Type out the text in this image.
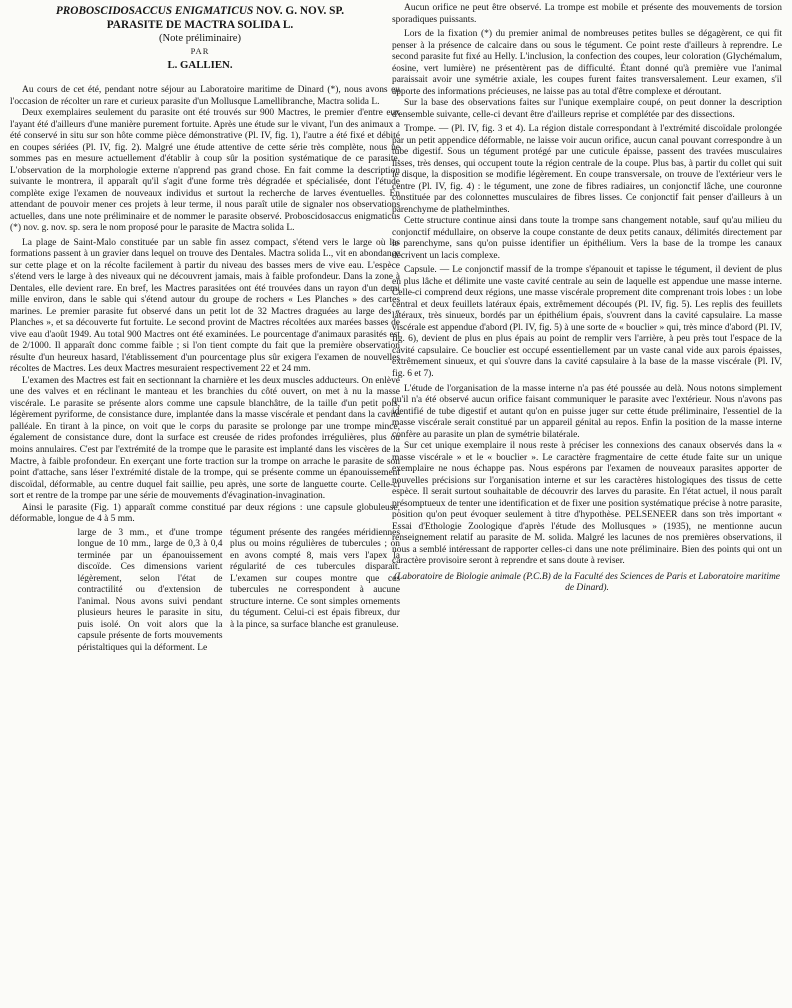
PROBOSCIDOSACCUS ENIGMATICUS NOV. G. NOV. SP.
PARASITE DE MACTRA SOLIDA L.
(Note préliminaire)
PAR
L. GALLIEN.

Au cours de cet été, pendant notre séjour au Laboratoire maritime de Dinard (*), nous avons eu l'occasion de récolter un rare et curieux parasite d'un Mollusque Lamellibranche, Mactra solida L.

Deux exemplaires seulement du parasite ont été trouvés sur 900 Mactres, le premier d'entre eux l'ayant été d'ailleurs d'une manière purement fortuite. Après une étude sur le vivant, l'un des animaux a été conservé in situ sur son hôte comme pièce démonstrative (Pl. IV, fig. 1), l'autre a été fixé et débité en coupes sériées (Pl. IV, fig. 2). Malgré une étude attentive de cette série très complète, nous ne sommes pas en mesure actuellement d'établir à coup sûr la position systématique de ce parasite. L'observation de la morphologie externe n'apprend pas grand chose. En fait comme la description suivante le montrera, il apparaît qu'il s'agit d'une forme très dégradée et spécialisée, dont l'étude complète exige l'examen de nouveaux individus et surtout la recherche de larves éventuelles. En attendant de pouvoir mener ces projets à leur terme, il nous paraît utile de signaler nos observations actuelles, dans une note préliminaire et de nommer le parasite observé. Proboscidosaccus enigmaticus (*) nov. g. nov. sp. sera le nom proposé pour le parasite de Mactra solida L.

La plage de Saint-Malo constituée par un sable fin assez compact, s'étend vers le large où les formations passent à un gravier dans lequel on trouve des Dentales. Mactra solida L., vit en abondance sur cette plage et on la récolte facilement à partir du niveau des basses mers de vive eau. L'espèce s'étend vers le large à des niveaux qui ne découvrent jamais, mais à faible profondeur. Dans la zone à Dentales, elle devient rare. En bref, les Mactres parasitées ont été trouvées dans un rayon d'un demi mille environ, dans le sable qui s'étend autour du groupe de rochers « Les Planches » des cartes marines. Le premier parasite fut observé dans un petit lot de 32 Mactres draguées au large des « Planches », et sa découverte fut fortuite. Le second provint de Mactres récoltées aux marées basses de vive eau d'août 1949. Au total 900 Mactres ont été examinées. Le pourcentage d'animaux parasités est de 2/1000. Il apparaît donc comme faible ; si l'on tient compte du fait que la première observation résulte d'un heureux hasard, l'établissement d'un pourcentage plus sûr exigera l'examen de nouvelles récoltes de Mactres. Les deux Mactres mesuraient respectivement 22 et 24 mm.

L'examen des Mactres est fait en sectionnant la charnière et les deux muscles adducteurs. On enlève une des valves et en réclinant le manteau et les branchies du côté ouvert, on met à nu la masse viscérale. Le parasite se présente alors comme une capsule blanchâtre, de la taille d'un petit pois, légèrement pyriforme, de consistance dure, implantée dans la masse viscérale et pendant dans la cavité palléale. En tirant à la pince, on voit que le corps du parasite se prolonge par une trompe mince, également de consistance dure, dont la surface est creusée de rides profondes irrégulières, plus ou moins annulaires. C'est par l'extrémité de la trompe que le parasite est implanté dans les viscères de la Mactre, à faible profondeur. En exerçant une forte traction sur la trompe on arrache le parasite de son point d'attache, sans léser l'extrémité distale de la trompe, qui se présente comme un épanouissement discoïdal, déformable, au centre duquel fait saillie, peu après, une sorte de languette courte. Celle-ci sort et rentre de la trompe par une série de mouvements d'évagination-invagination.

Ainsi le parasite (Fig. 1) apparaît comme constitué par deux régions : une capsule globuleuse, déformable, longue de 4 à 5 mm.

large de 3 mm., et d'une trompe longue de 10 mm., large de 0,3 à 0,4 terminée par un épanouissement discoïde. Ces dimensions varient légèrement, selon l'état de contractilité ou d'extension de l'animal. Nous avons suivi pendant plusieurs heures le parasite in situ, puis isolé. On voit alors que la capsule présente de forts mouvements péristaltiques qui la déforment. Le

tégument présente des rangées méridiennes plus ou moins régulières de tubercules ; on en avons compté 8, mais vers l'apex la régularité de ces tubercules disparaît. L'examen sur coupes montre que ces tubercules ne correspondent à aucune structure interne. Ce sont simples ornements du tégument. Celui-ci est épais fibreux, dur à la pince, sa surface blanche est granuleuse.

Aucun orifice ne peut être observé. La trompe est mobile et présente des mouvements de torsion sporadiques puissants.

Lors de la fixation (*) du premier animal de nombreuses petites bulles se dégagèrent, ce qui fit penser à la présence de calcaire dans ou sous le tégument. Ce point reste d'ailleurs à reprendre. Le second parasite fut fixé au Helly. L'inclusion, la confection des coupes, leur coloration (Glychémalum, éosine, vert lumière) ne présentèrent pas de difficulté. Étant donné qu'à première vue l'animal paraissait avoir une symétrie axiale, les coupes furent faites transversalement. Leur examen, s'il apporte des informations précieuses, ne laisse pas au total d'être complexe et déroutant.

Sur la base des observations faites sur l'unique exemplaire coupé, on peut donner la description d'ensemble suivante, celle-ci devant être d'ailleurs reprise et complétée par des dissections.

Trompe. — (Pl. IV, fig. 3 et 4). La région distale correspondant à l'extrémité discoïdale prolongée par un petit appendice déformable, ne laisse voir aucun orifice, aucun canal pouvant correspondre à un tube digestif. Sous un tégument protégé par une cuticule épaisse, passent des travées musculaires lisses, très denses, qui occupent toute la région centrale de la coupe. Plus bas, à partir du collet qui suit le disque, la disposition se modifie légèrement. En coupe transversale, on trouve de l'extérieur vers le centre (Pl. IV, fig. 4) : le tégument, une zone de fibres radiaires, un conjonctif lâche, une couronne constituée par des colonnettes musculaires de fibres lisses. Ce conjonctif fait penser d'ailleurs à un parenchyme de plathelminthes.

Cette structure continue ainsi dans toute la trompe sans changement notable, sauf qu'au milieu du conjonctif médullaire, on observe la coupe constante de deux petits canaux, délimités directement par le parenchyme, sans qu'on puisse identifier un épithélium. Vers la base de la trompe les canaux décrivent un lacis complexe.

Capsule. — Le conjonctif massif de la trompe s'épanouit et tapisse le tégument, il devient de plus en plus lâche et délimite une vaste cavité centrale au sein de laquelle est appendue une masse interne. Celle-ci comprend deux régions, une masse viscérale proprement dite comprenant trois lobes : un lobe central et deux feuillets latéraux épais, extrêmement découpés (Pl. IV, fig. 5). Les replis des feuillets latéraux, très sinueux, bordés par un épithélium épais, s'ouvrent dans la cavité capsulaire. La masse viscérale est appendue d'abord (Pl. IV, fig. 5) à une sorte de « bouclier » qui, très mince d'abord (Pl. IV, fig. 6), devient de plus en plus épais au point de remplir vers l'arrière, à peu près tout l'espace de la cavité capsulaire. Ce bouclier est occupé essentiellement par un vaste canal vide aux parois épaisses, extrêmement sinueux, et qui s'ouvre dans la cavité capsulaire à la base de la masse viscérale (Pl. IV, fig. 6 et 7).

L'étude de l'organisation de la masse interne n'a pas été poussée au delà. Nous notons simplement qu'il n'a été observé aucun orifice faisant communiquer le parasite avec l'extérieur. Nous n'avons pas identifié de tube digestif et autant qu'on en puisse juger sur cette étude préliminaire, l'essentiel de la masse viscérale serait constitué par un appareil génital au repos. Enfin la position de la masse interne confère au parasite un plan de symétrie bilatérale.

Sur cet unique exemplaire il nous reste à préciser les connexions des canaux observés dans la « masse viscérale » et le « bouclier ». Le caractère fragmentaire de cette étude faite sur un unique exemplaire ne nous échappe pas. Nous espérons par l'examen de nouveaux parasites apporter de nouvelles précisions sur l'organisation interne et sur les caractères histologiques des tissus de cette espèce. Il serait surtout souhaitable de découvrir des larves du parasite. En l'état actuel, il nous paraît présomptueux de tenter une identification et de fixer une position systématique précise à notre parasite, position qu'on peut évoquer seulement à titre d'hypothèse. PELSENEER dans son très important « Essai d'Ethologie Zoologique d'après l'étude des Mollusques » (1935), ne mentionne aucun renseignement relatif au parasite de M. solida. Malgré les lacunes de nos premières observations, il nous a semblé intéressant de rapporter celles-ci dans une note préliminaire. Bien des points qui ont un caractère provisoire seront à reprendre et sans doute à reviser.

(Laboratoire de Biologie animale (P.C.B) de la Faculté des Sciences de Paris et Laboratoire maritime de Dinard).
